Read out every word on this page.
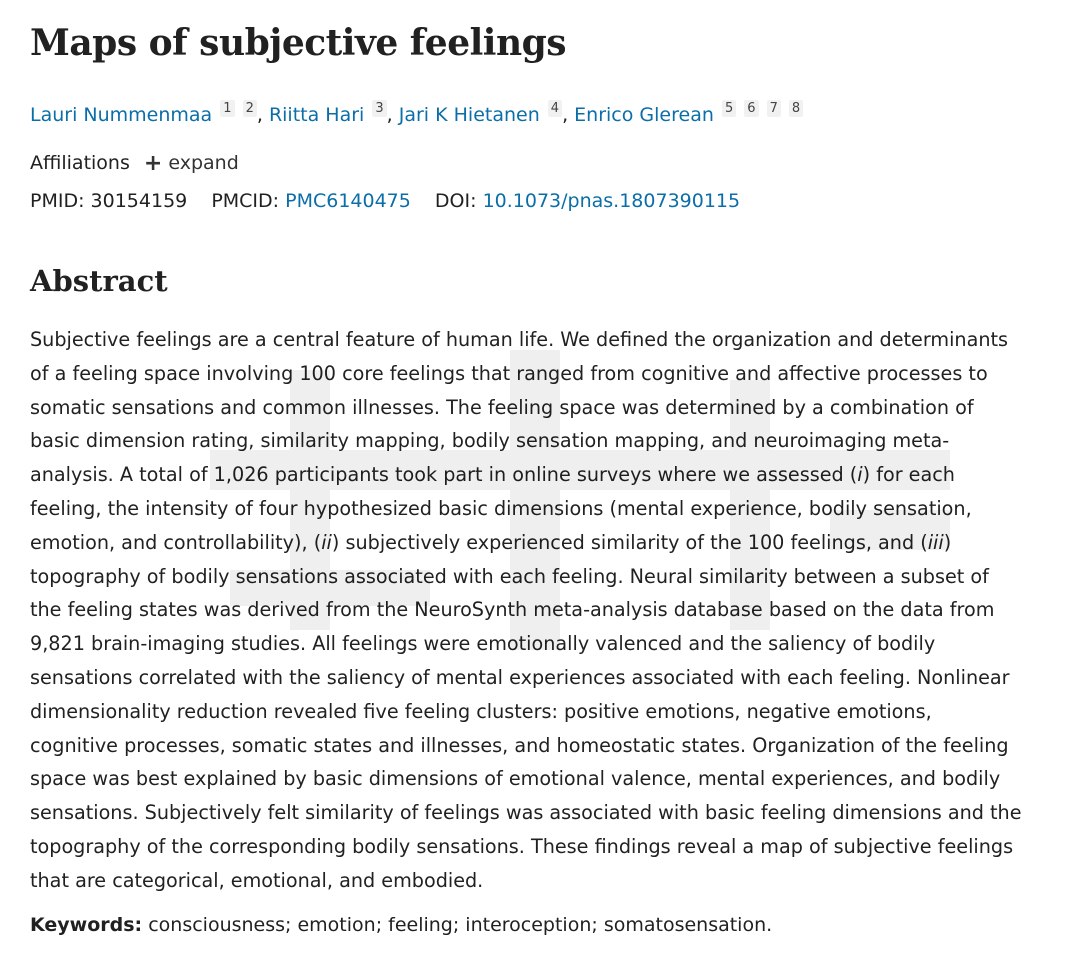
Maps of subjective feelings
Lauri Nummenmaa 1 2 , Riitta Hari 3 , Jari K Hietanen 4 , Enrico Glerean 5 6 7 8
Affiliations + expand
PMID: 30154159 PMCID: PMC6140475 DOI: 10.1073/pnas.1807390115
Abstract

Subjective feelings are a central feature of human life. We defined the organization and determinants
of a feeling space involving 100 core feelings that ranged from cognitive and affective processes to
somatic sensations and common illnesses. The feeling space was determined by a combination of
basic dimension rating, similarity mapping, bodily sensation mapping, and neuroimaging meta-
analysis. A total of 1,026 participants took part in online surveys where we assessed (i) for each
feeling, the intensity of four hypothesized basic dimensions (mental experience, bodily sensation,
emotion, and controllability), (ii) subjectively experienced similarity of the 100 feelings, and (iii)
topography of bodily sensations associated with each feeling. Neural similarity between a subset of
the feeling states was derived from the NeuroSynth meta-analysis database based on the data from
9,821 brain-imaging studies. All feelings were emotionally valenced and the saliency of bodily
sensations correlated with the saliency of mental experiences associated with each feeling. Nonlinear
dimensionality reduction revealed five feeling clusters: positive emotions, negative emotions,
cognitive processes, somatic states and illnesses, and homeostatic states. Organization of the feeling
space was best explained by basic dimensions of emotional valence, mental experiences, and bodily
sensations. Subjectively felt similarity of feelings was associated with basic feeling dimensions and the
topography of the corresponding bodily sensations. These findings reveal a map of subjective feelings
that are categorical, emotional, and embodied.

Keywords: consciousness; emotion; feeling; interoception; somatosensation.
